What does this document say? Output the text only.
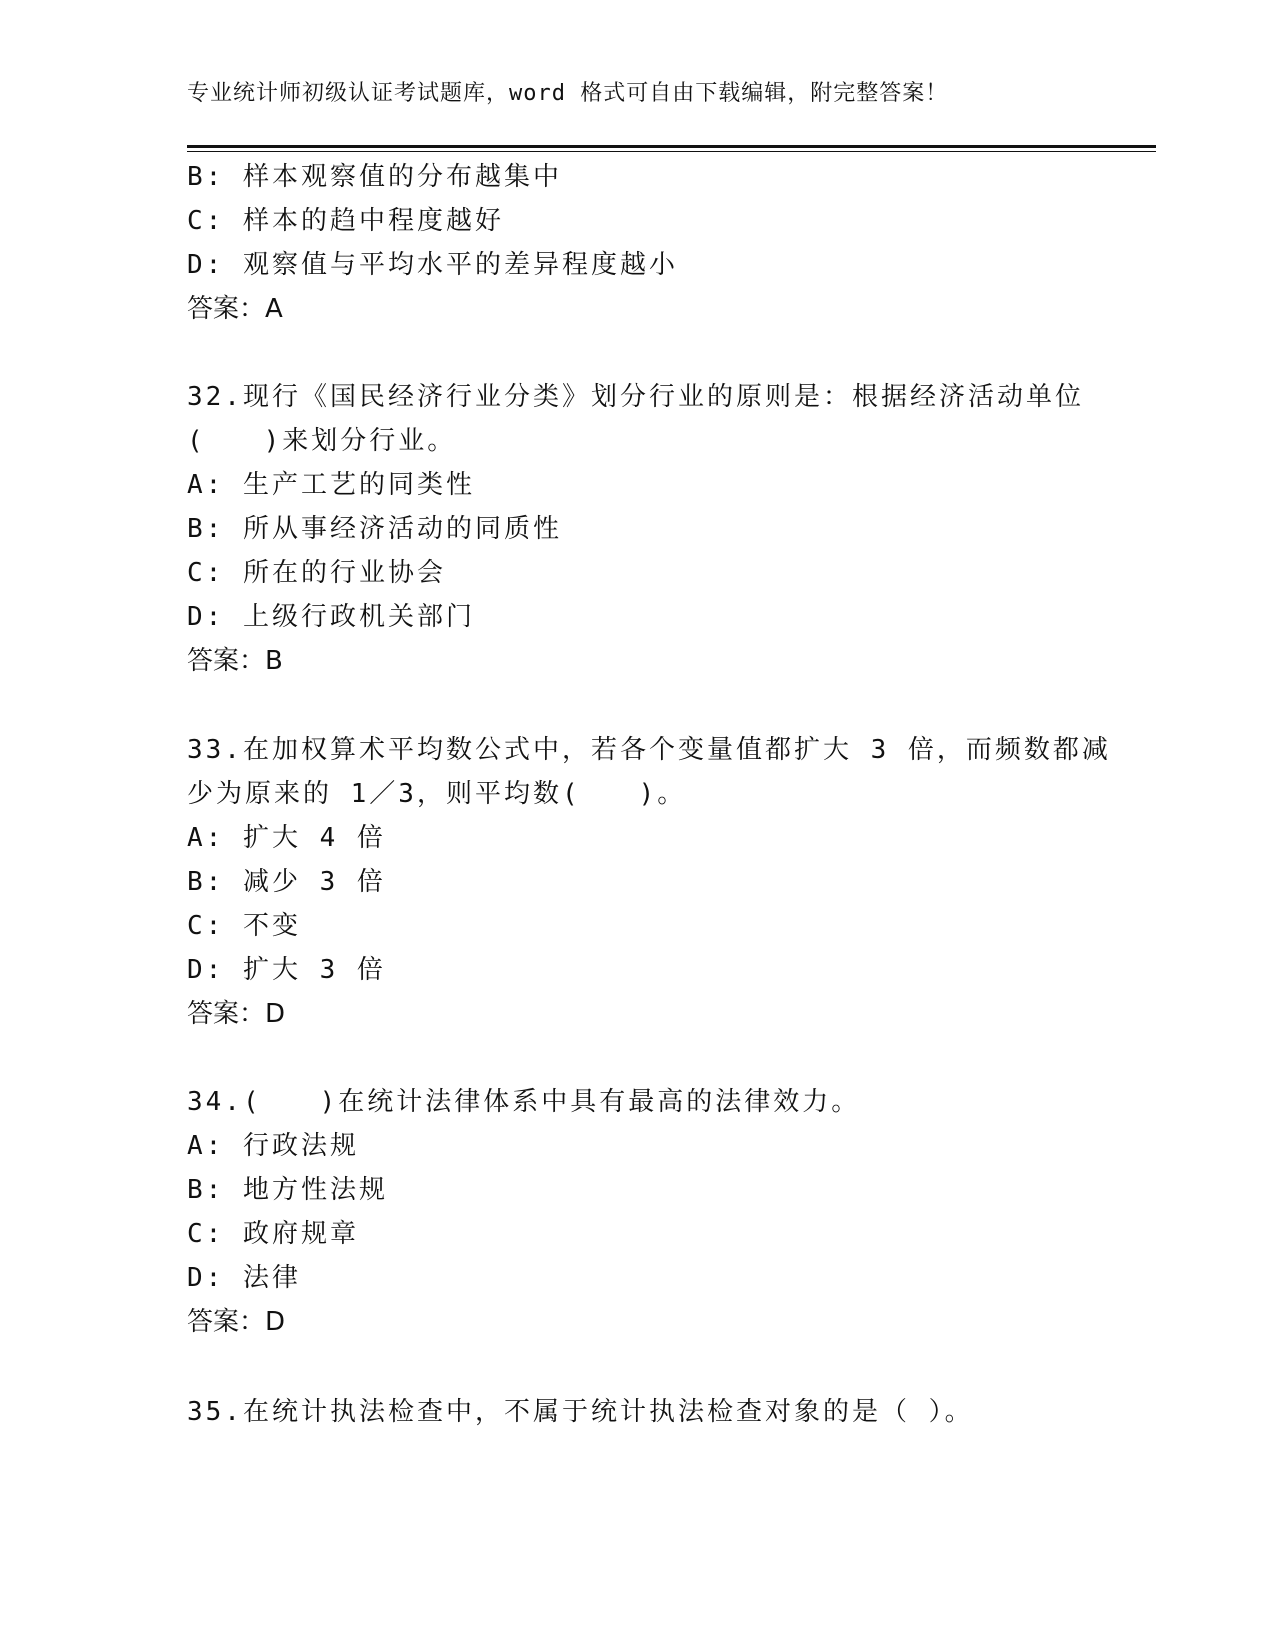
专业统计师初级认证考试题库，word 格式可自由下载编辑，附完整答案！
B: 样本观察值的分布越集中
C: 样本的趋中程度越好
D: 观察值与平均水平的差异程度越小
答案：A
32.现行《国民经济行业分类》划分行业的原则是：根据经济活动单位
(　　)来划分行业。
A: 生产工艺的同类性
B: 所从事经济活动的同质性
C: 所在的行业协会
D: 上级行政机关部门
答案：B
33.在加权算术平均数公式中，若各个变量值都扩大 3 倍，而频数都减
少为原来的 1／3，则平均数(　　)。
A: 扩大 4 倍
B: 减少 3 倍
C: 不变
D: 扩大 3 倍
答案：D
34.(　　)在统计法律体系中具有最高的法律效力。
A: 行政法规
B: 地方性法规
C: 政府规章
D: 法律
答案：D
35.在统计执法检查中，不属于统计执法检查对象的是（ ）。
